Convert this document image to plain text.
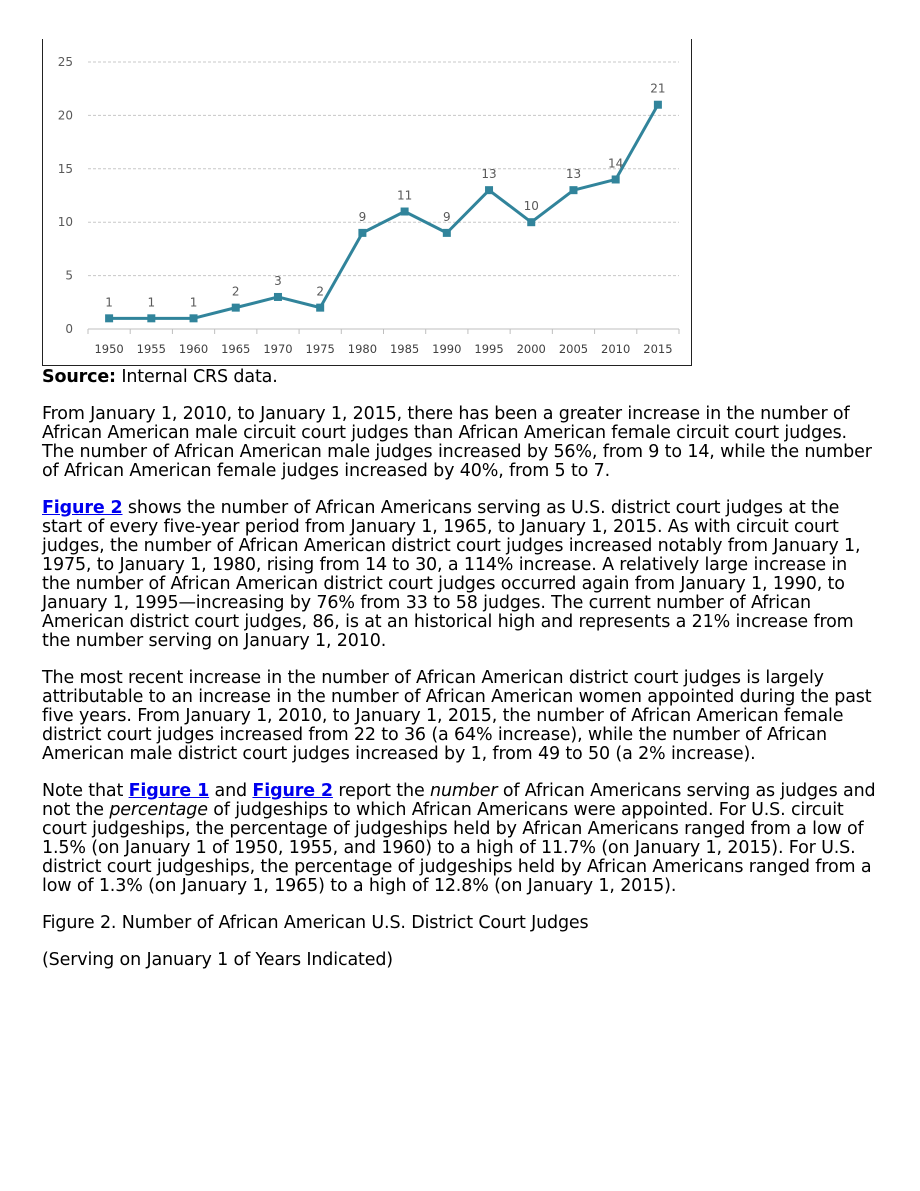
0
5
10
15
20
25
1950 1955 1960 1965 1970 1975 1980 1985 1990 1995 2000 2005 2010 2015
1	1	1
2
3
2
9
11
9
13
10
13
14
21

Source: Internal CRS data.

From January 1, 2010, to January 1, 2015, there has been a greater increase in the number of African American male circuit court judges than African American female circuit court judges. The number of African American male judges increased by 56%, from 9 to 14, while the number of African American female judges increased by 40%, from 5 to 7.

Figure 2 shows the number of African Americans serving as U.S. district court judges at the start of every five-year period from January 1, 1965, to January 1, 2015. As with circuit court judges, the number of African American district court judges increased notably from January 1, 1975, to January 1, 1980, rising from 14 to 30, a 114% increase. A relatively large increase in the number of African American district court judges occurred again from January 1, 1990, to January 1, 1995—increasing by 76% from 33 to 58 judges. The current number of African American district court judges, 86, is at an historical high and represents a 21% increase from the number serving on January 1, 2010.

The most recent increase in the number of African American district court judges is largely attributable to an increase in the number of African American women appointed during the past five years. From January 1, 2010, to January 1, 2015, the number of African American female district court judges increased from 22 to 36 (a 64% increase), while the number of African American male district court judges increased by 1, from 49 to 50 (a 2% increase).

Note that Figure 1 and Figure 2 report the number of African Americans serving as judges and not the percentage of judgeships to which African Americans were appointed. For U.S. circuit court judgeships, the percentage of judgeships held by African Americans ranged from a low of 1.5% (on January 1 of 1950, 1955, and 1960) to a high of 11.7% (on January 1, 2015). For U.S. district court judgeships, the percentage of judgeships held by African Americans ranged from a low of 1.3% (on January 1, 1965) to a high of 12.8% (on January 1, 2015).

Figure 2. Number of African American U.S. District Court Judges

(Serving on January 1 of Years Indicated)
